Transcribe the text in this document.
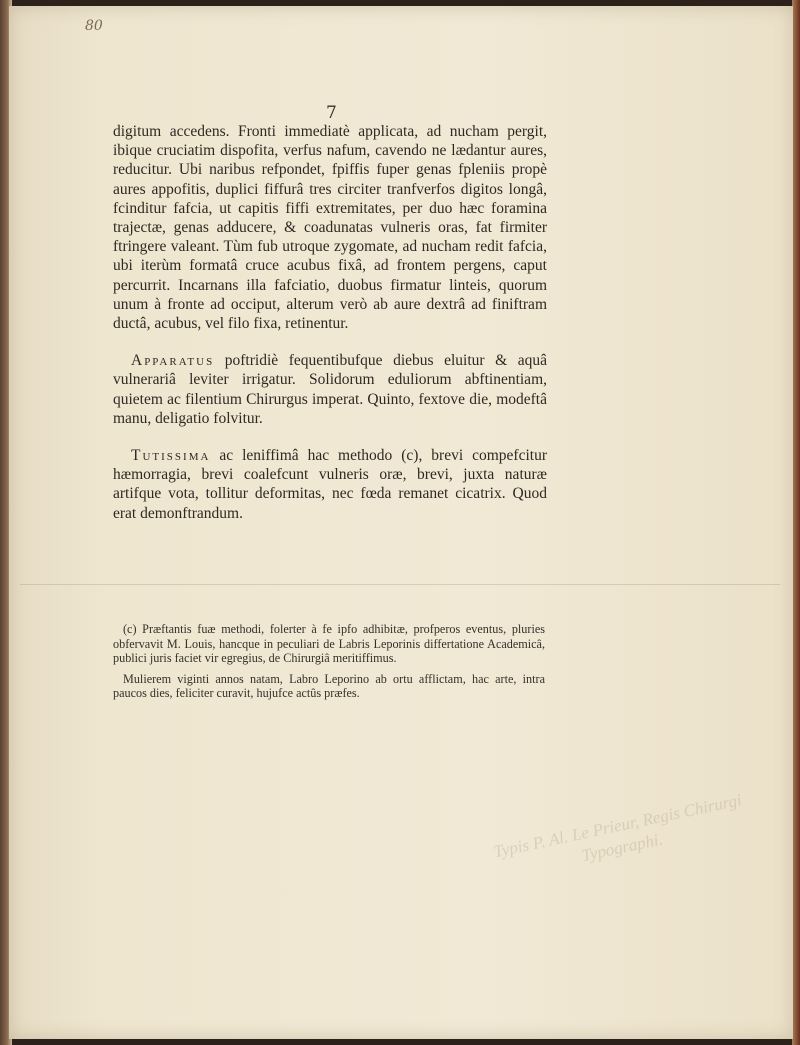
80
7

digitum accedens. Fronti immediatè applicata, ad nucham pergit, ibique cruciatim dispofita, verfus nafum, cavendo ne lædantur aures, reducitur. Ubi naribus refpondet, fpiffis fuper genas fpleniis propè aures appofitis, duplici fiffurâ tres circiter tranfverfos digitos longâ, fcinditur fafcia, ut capitis fiffi extremitates, per duo hæc foramina trajectæ, genas adducere, & coadunatas vulneris oras, fat firmiter ftringere valeant. Tùm fub utroque zygomate, ad nucham redit fafcia, ubi iterùm formatâ cruce acubus fixâ, ad frontem pergens, caput percurrit. Incarnans illa fafciatio, duobus firmatur linteis, quorum unum à fronte ad occiput, alterum verò ab aure dextrâ ad finiftram ductâ, acubus, vel filo fixa, retinentur.

Apparatus poftridiè fequentibufque diebus eluitur & aquâ vulnerariâ leviter irrigatur. Solidorum eduliorum abftinentiam, quietem ac filentium Chirurgus imperat. Quinto, fextove die, modeftâ manu, deligatio folvitur.

Tutissima ac leniffimâ hac methodo (c), brevi compefcitur hæmorragia, brevi coalefcunt vulneris oræ, brevi, juxta naturæ artifque vota, tollitur deformitas, nec fœda remanet cicatrix. Quod erat demonftrandum.

(c) Præftantis fuæ methodi, folerter à fe ipfo adhibitæ, profperos eventus, pluries obfervavit M. Louis, hancque in peculiari de Labris Leporinis differtatione Academicâ, publici juris faciet vir egregius, de Chirurgiâ meritiffimus.

Mulierem viginti annos natam, Labro Leporino ab ortu afflictam, hac arte, intra paucos dies, feliciter curavit, hujufce actûs præfes.

Typis P. Al. Le Prieur, Regis Chirurgi Typographi.
